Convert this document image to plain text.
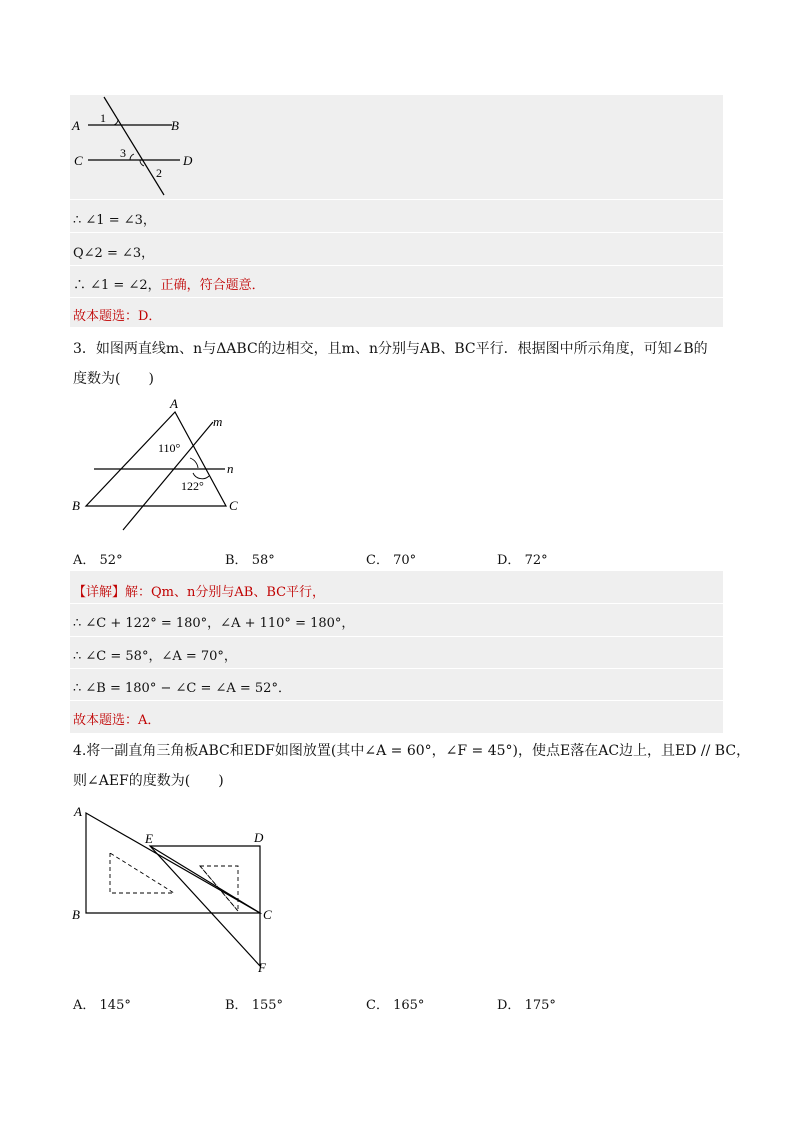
A	B
C	D
1
3
2
∴ ∠1 = ∠3，
Q∠2 = ∠3，
∴ ∠1 = ∠2，正确，符合题意．
故本题选：D．
3．如图两直线m、n与ΔABC的边相交，且m、n分别与AB、BC平行．根据图中所示角度，可知∠B的
度数为(　　)
A
B	C
m
n
110°
122°
A． 52°	B． 58°	C． 70°	D． 72°
【详解】解：Qm、n分别与AB、BC平行，
∴ ∠C + 122° = 180°，∠A + 110° = 180°，
∴ ∠C = 58°，∠A = 70°，
∴ ∠B = 180° − ∠C = ∠A = 52°．
故本题选：A．
4.将一副直角三角板ABC和EDF如图放置(其中∠A = 60°，∠F = 45°)，使点E落在AC边上，且ED // BC，
则∠AEF的度数为(　　)
A
B	C
D
E
F
A． 145°	B． 155°	C． 165°	D． 175°
